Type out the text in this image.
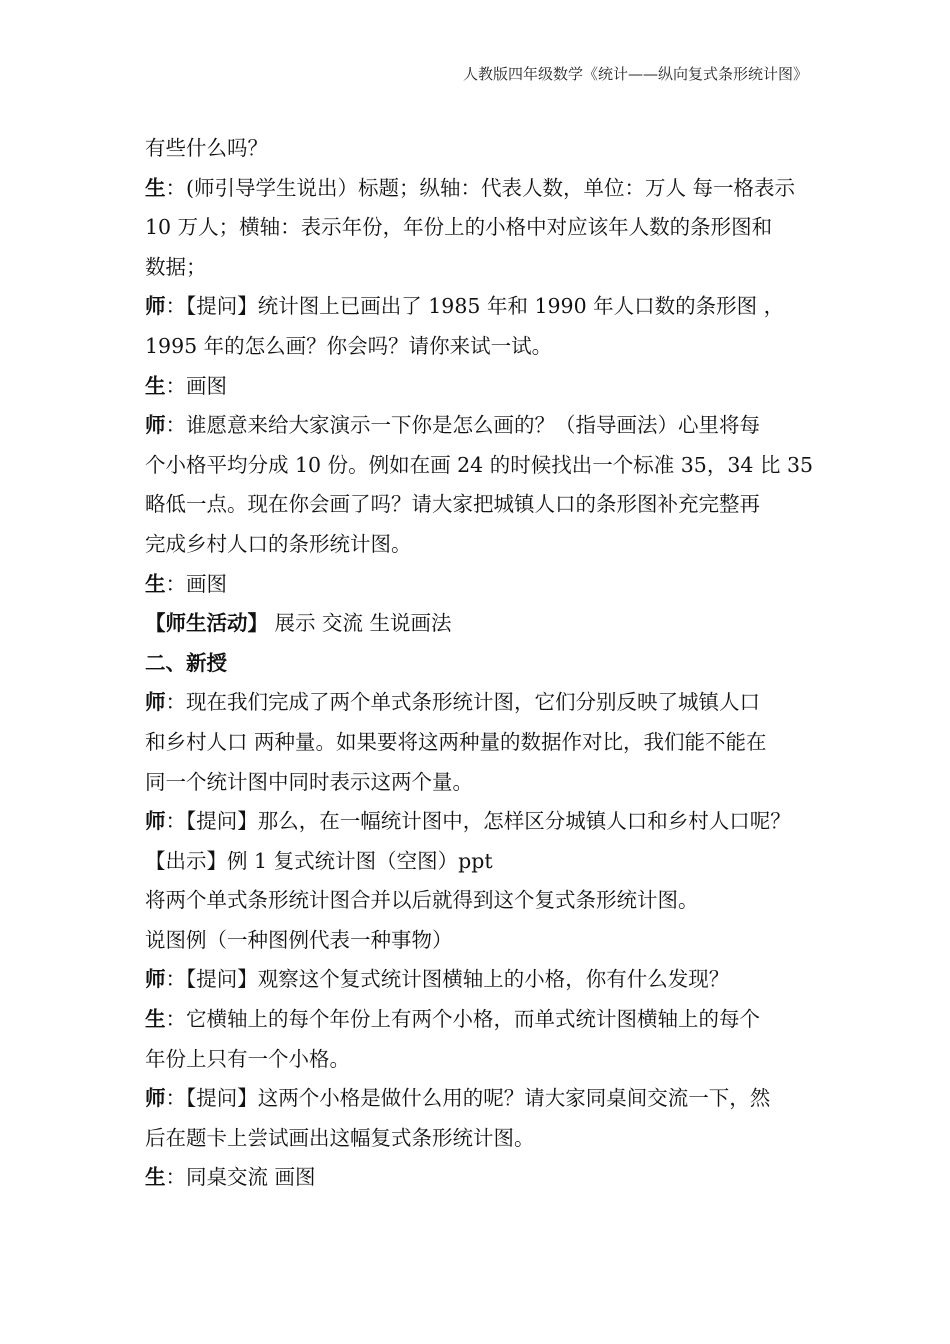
人教版四年级数学《统计——纵向复式条形统计图》
有些什么吗？
生：(师引导学生说出）标题；纵轴：代表人数，单位：万人 每一格表示
10 万人；横轴：表示年份，年份上的小格中对应该年人数的条形图和
数据；
师：【提问】统计图上已画出了 1985 年和 1990 年人口数的条形图 ，
1995 年的怎么画？你会吗？请你来试一试。
生：画图
师：谁愿意来给大家演示一下你是怎么画的？（指导画法）心里将每
个小格平均分成 10 份。例如在画 24 的时候找出一个标准 35，34 比 35
略低一点。现在你会画了吗？请大家把城镇人口的条形图补充完整再
完成乡村人口的条形统计图。
生：画图
【师生活动】 展示 交流 生说画法
二、新授
师：现在我们完成了两个单式条形统计图，它们分别反映了城镇人口
和乡村人口 两种量。如果要将这两种量的数据作对比，我们能不能在
同一个统计图中同时表示这两个量。
师：【提问】那么，在一幅统计图中，怎样区分城镇人口和乡村人口呢？
【出示】例 1 复式统计图（空图）ppt
将两个单式条形统计图合并以后就得到这个复式条形统计图。
说图例（一种图例代表一种事物）
师：【提问】观察这个复式统计图横轴上的小格，你有什么发现？
生：它横轴上的每个年份上有两个小格，而单式统计图横轴上的每个
年份上只有一个小格。
师：【提问】这两个小格是做什么用的呢？请大家同桌间交流一下，然
后在题卡上尝试画出这幅复式条形统计图。
生：同桌交流 画图
